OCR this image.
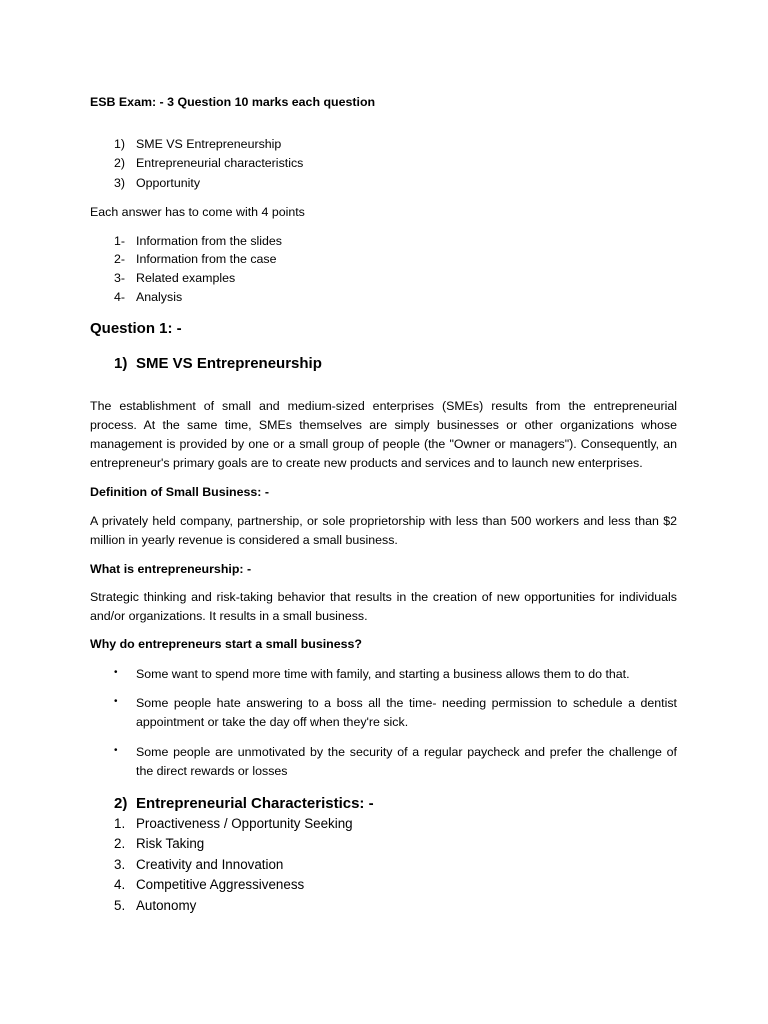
ESB Exam: - 3 Question 10 marks each question
1) SME VS Entrepreneurship
2) Entrepreneurial characteristics
3) Opportunity
Each answer has to come with 4 points
1- Information from the slides
2- Information from the case
3- Related examples
4- Analysis
Question 1: -
1) SME VS Entrepreneurship
The establishment of small and medium-sized enterprises (SMEs) results from the entrepreneurial process. At the same time, SMEs themselves are simply businesses or other organizations whose management is provided by one or a small group of people (the "Owner or managers"). Consequently, an entrepreneur's primary goals are to create new products and services and to launch new enterprises.
Definition of Small Business: -
A privately held company, partnership, or sole proprietorship with less than 500 workers and less than $2 million in yearly revenue is considered a small business.
What is entrepreneurship: -
Strategic thinking and risk-taking behavior that results in the creation of new opportunities for individuals and/or organizations. It results in a small business.
Why do entrepreneurs start a small business?
• Some want to spend more time with family, and starting a business allows them to do that.
• Some people hate answering to a boss all the time- needing permission to schedule a dentist appointment or take the day off when they're sick.
• Some people are unmotivated by the security of a regular paycheck and prefer the challenge of the direct rewards or losses
2) Entrepreneurial Characteristics: -
1. Proactiveness / Opportunity Seeking
2. Risk Taking
3. Creativity and Innovation
4. Competitive Aggressiveness
5. Autonomy
